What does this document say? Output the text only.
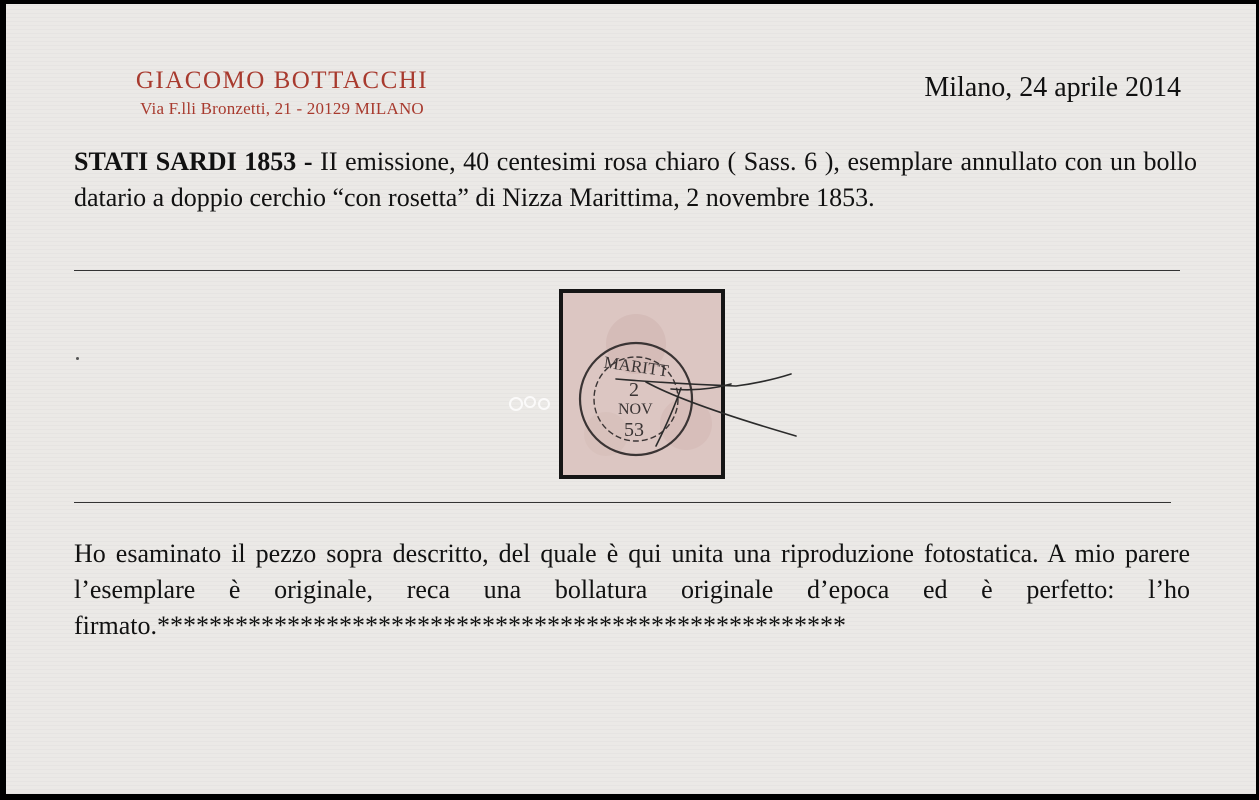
GIACOMO BOTTACCHI
Via F.lli Bronzetti, 21 - 20129 MILANO
Milano, 24 aprile 2014

STATI SARDI 1853 - II emissione, 40 centesimi rosa chiaro ( Sass. 6 ), esemplare annullato con un bollo datario a doppio cerchio “con rosetta” di Nizza Marittima, 2 novembre 1853.

MARITT
2
NOV
53

Ho esaminato il pezzo sopra descritto, del quale è qui unita una riproduzione fotostatica. A mio parere l’esemplare è originale, reca una bollatura originale d’epoca ed è perfetto: l’ho firmato.*****************************************************
